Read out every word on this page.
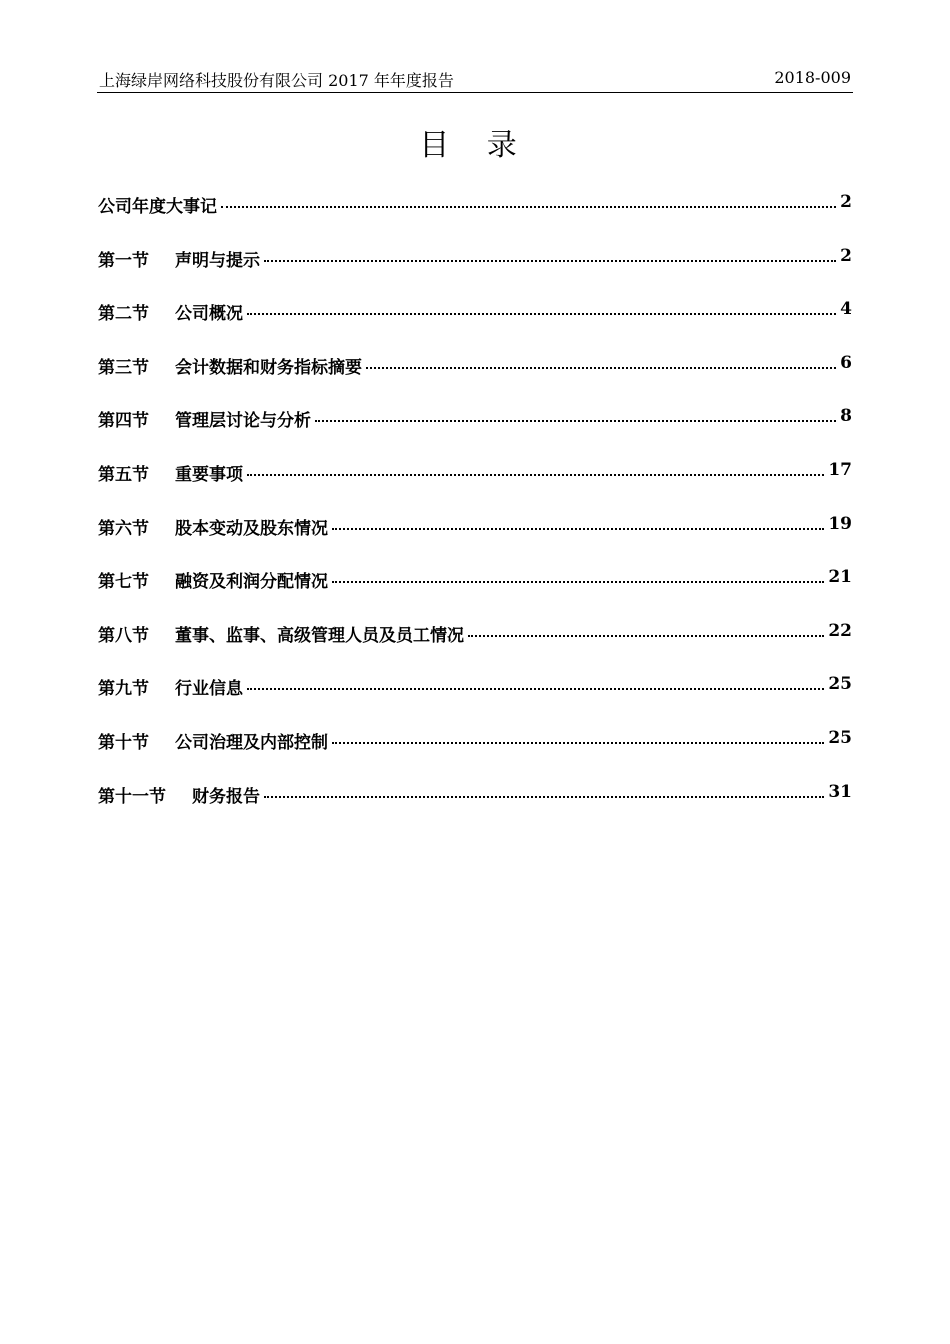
上海绿岸网络科技股份有限公司 2017 年年度报告	2018-009
目 录
公司年度大事记	2
第一节 声明与提示	2
第二节 公司概况	4
第三节 会计数据和财务指标摘要	6
第四节 管理层讨论与分析	8
第五节 重要事项	17
第六节 股本变动及股东情况	19
第七节 融资及利润分配情况	21
第八节 董事、监事、高级管理人员及员工情况	22
第九节 行业信息	25
第十节 公司治理及内部控制	25
第十一节 财务报告	31
